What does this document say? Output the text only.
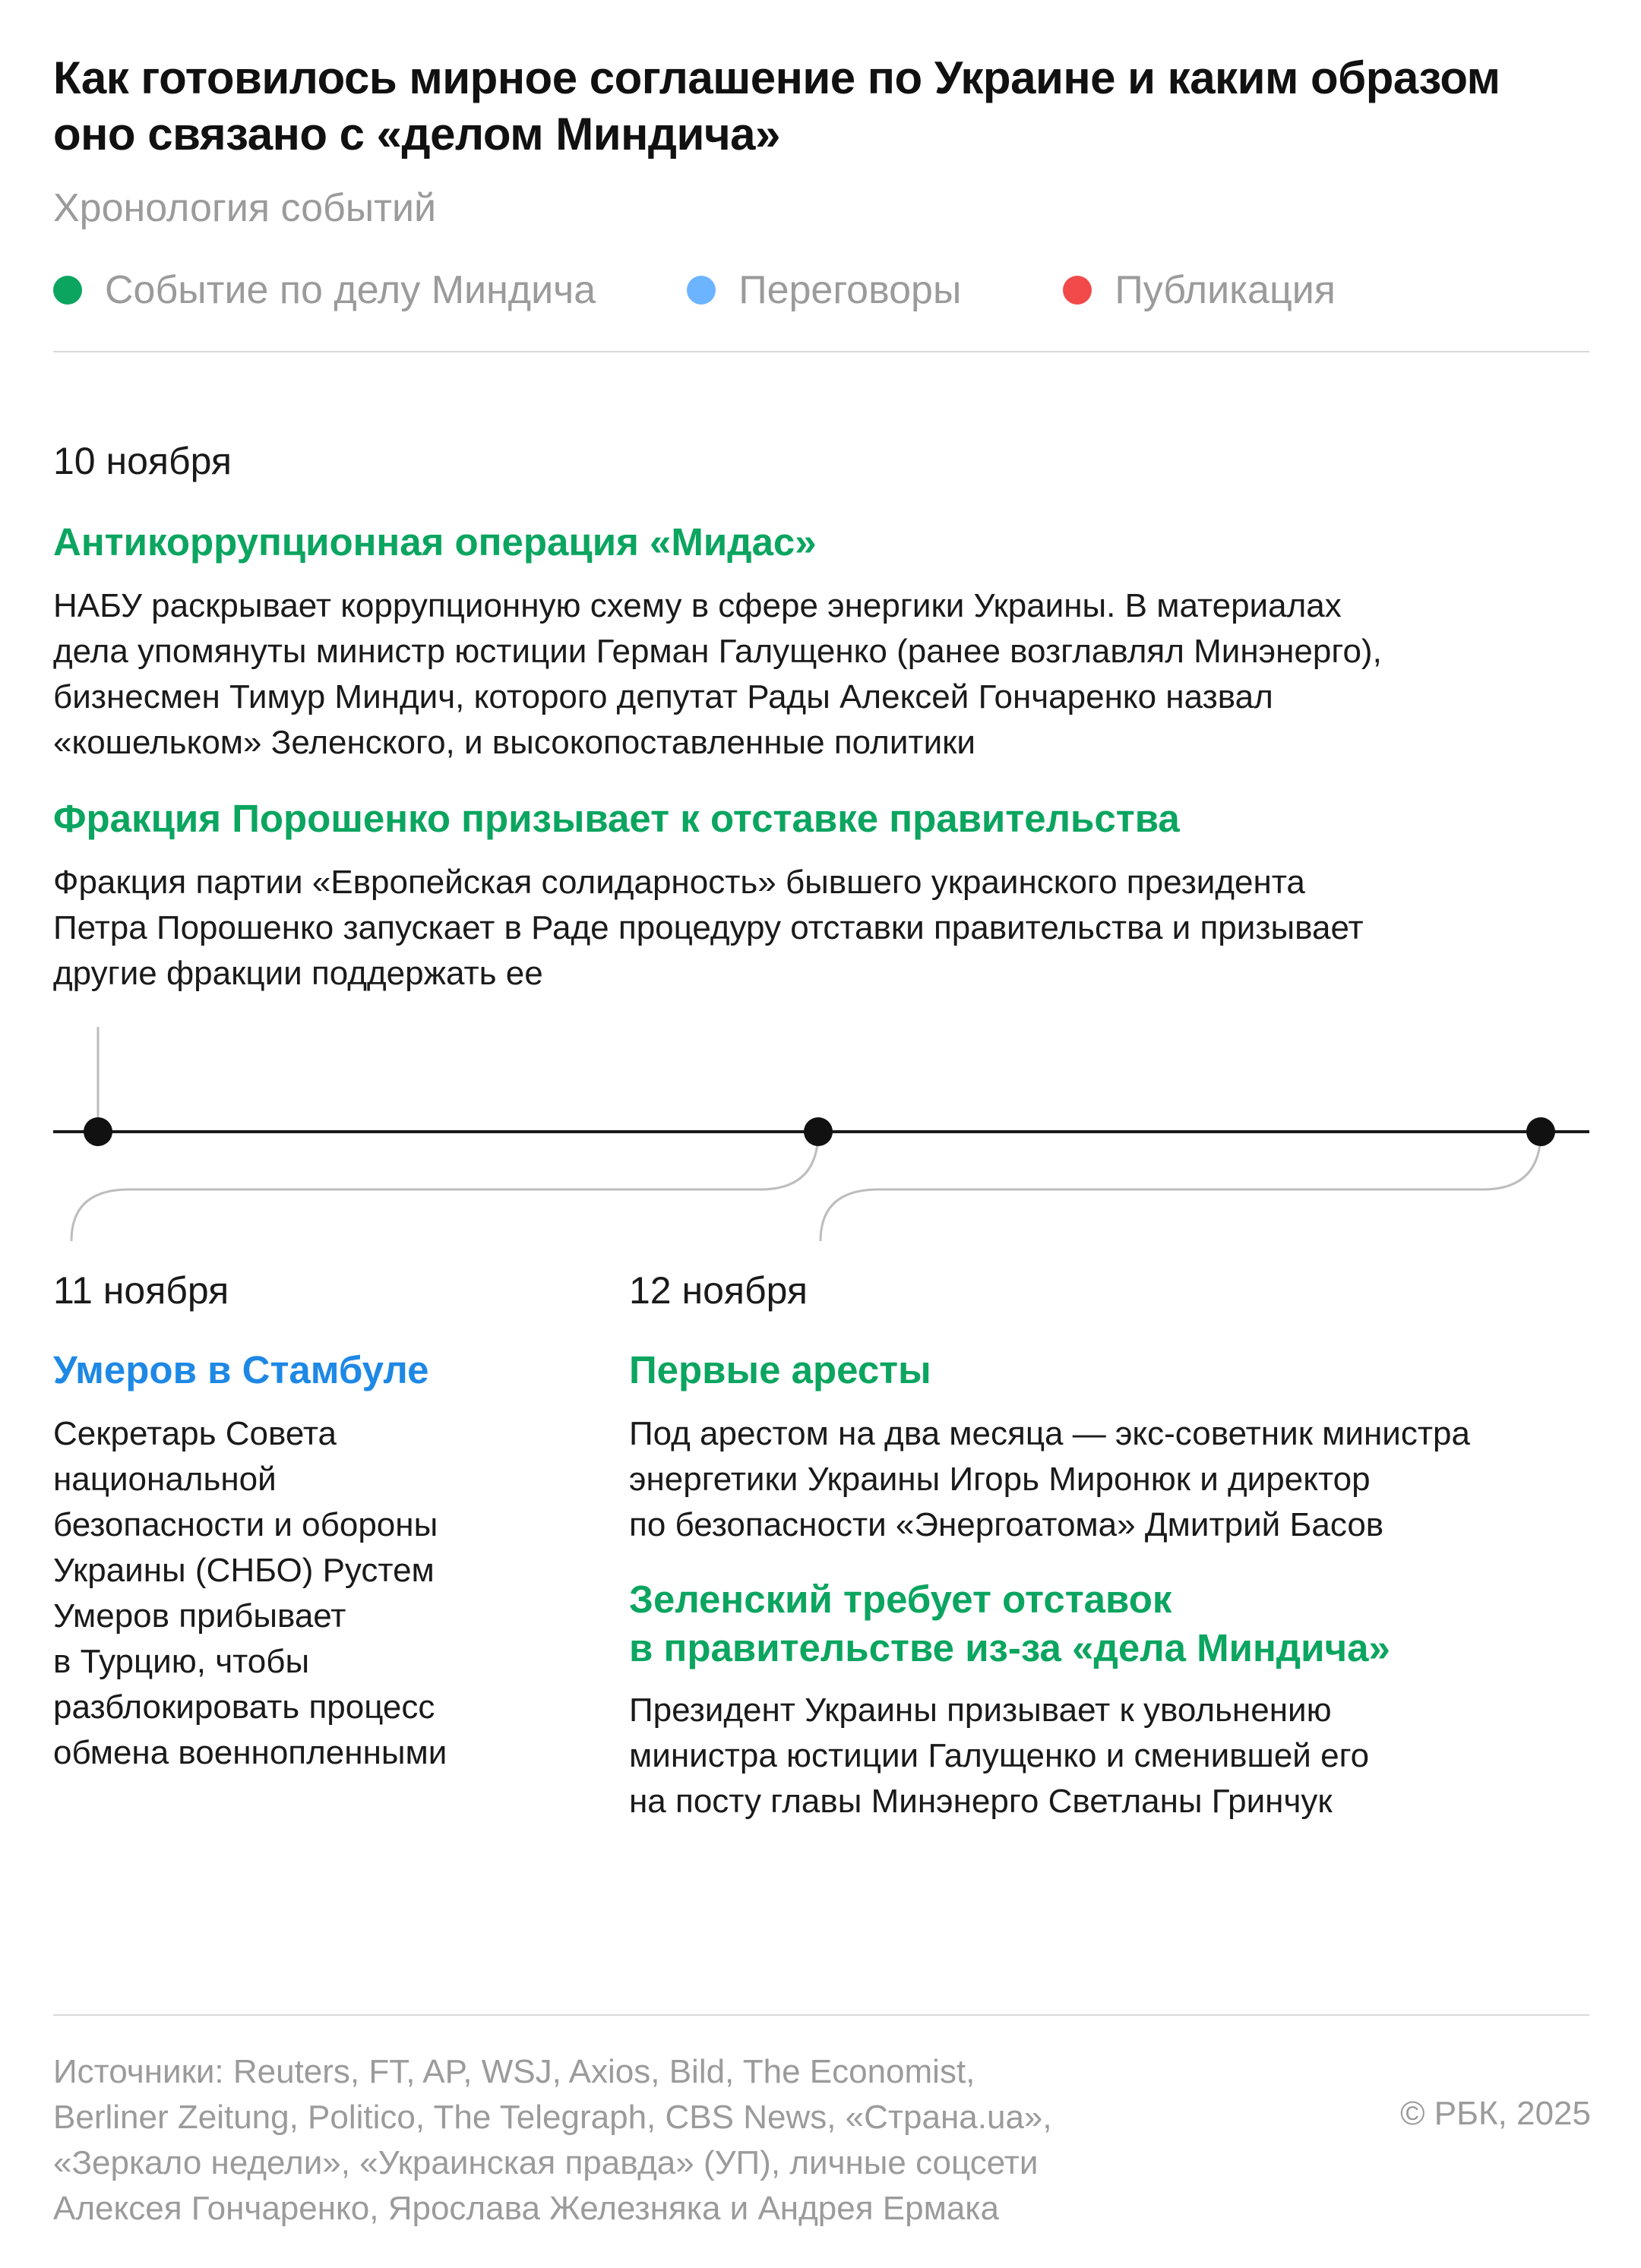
Как готовилось мирное соглашение по Украине и каким образом оно связано с «делом Миндича»
Хронология событий
Событие по делу Миндича	Переговоры	Публикация
10 ноября
Антикоррупционная операция «Мидас»
НАБУ раскрывает коррупционную схему в сфере энергики Украины. В материалах
дела упомянуты министр юстиции Герман Галущенко (ранее возглавлял Минэнерго),
бизнесмен Тимур Миндич, которого депутат Рады Алексей Гончаренко назвал
«кошельком» Зеленского, и высокопоставленные политики
Фракция Порошенко призывает к отставке правительства
Фракция партии «Европейская солидарность» бывшего украинского президента
Петра Порошенко запускает в Раде процедуру отставки правительства и призывает
другие фракции поддержать ее
11 ноября
Умеров в Стамбуле
Секретарь Совета
национальной
безопасности и обороны
Украины (СНБО) Рустем
Умеров прибывает
в Турцию, чтобы
разблокировать процесс
обмена военнопленными
12 ноября
Первые аресты
Под арестом на два месяца — экс-советник министра
энергетики Украины Игорь Миронюк и директор
по безопасности «Энергоатома» Дмитрий Басов
Зеленский требует отставок
в правительстве из-за «дела Миндича»
Президент Украины призывает к увольнению
министра юстиции Галущенко и сменившей его
на посту главы Минэнерго Светланы Гринчук
Источники: Reuters, FT, AP, WSJ, Axios, Bild, The Economist,
Berliner Zeitung, Politico, The Telegraph, CBS News, «Страна.ua»,
«Зеркало недели», «Украинская правда» (УП), личные соцсети
Алексея Гончаренко, Ярослава Железняка и Андрея Ермака
© РБК, 2025
